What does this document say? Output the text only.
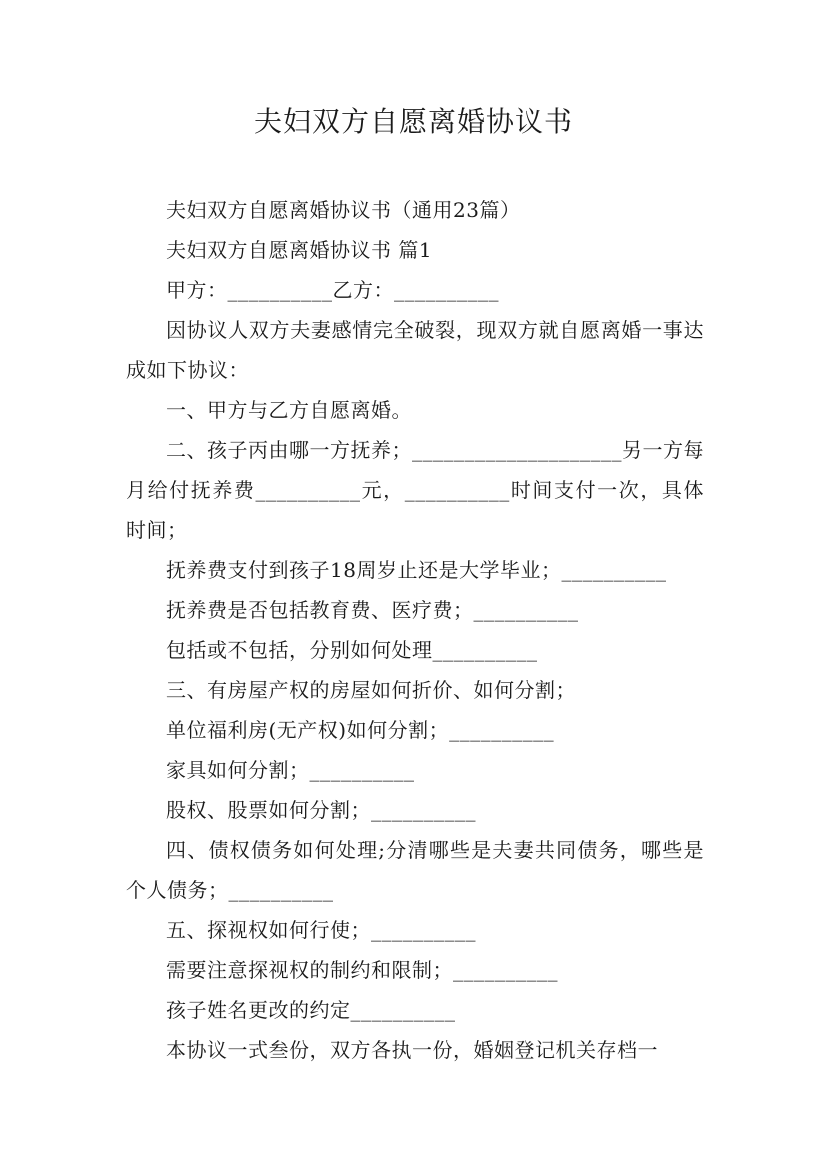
夫妇双方自愿离婚协议书

夫妇双方自愿离婚协议书（通用23篇）

夫妇双方自愿离婚协议书 篇1

甲方：__________乙方：__________

因协议人双方夫妻感情完全破裂，现双方就自愿离婚一事达成如下协议：

一、甲方与乙方自愿离婚。

二、孩子丙由哪一方抚养；____________________另一方每月给付抚养费__________元，__________时间支付一次，具体时间；

抚养费支付到孩子18周岁止还是大学毕业；__________

抚养费是否包括教育费、医疗费；__________

包括或不包括，分别如何处理__________

三、有房屋产权的房屋如何折价、如何分割；

单位福利房(无产权)如何分割；__________

家具如何分割；__________

股权、股票如何分割；__________

四、债权债务如何处理;分清哪些是夫妻共同债务，哪些是个人债务；__________

五、探视权如何行使；__________

需要注意探视权的制约和限制；__________

孩子姓名更改的约定__________

本协议一式叁份，双方各执一份，婚姻登记机关存档一
